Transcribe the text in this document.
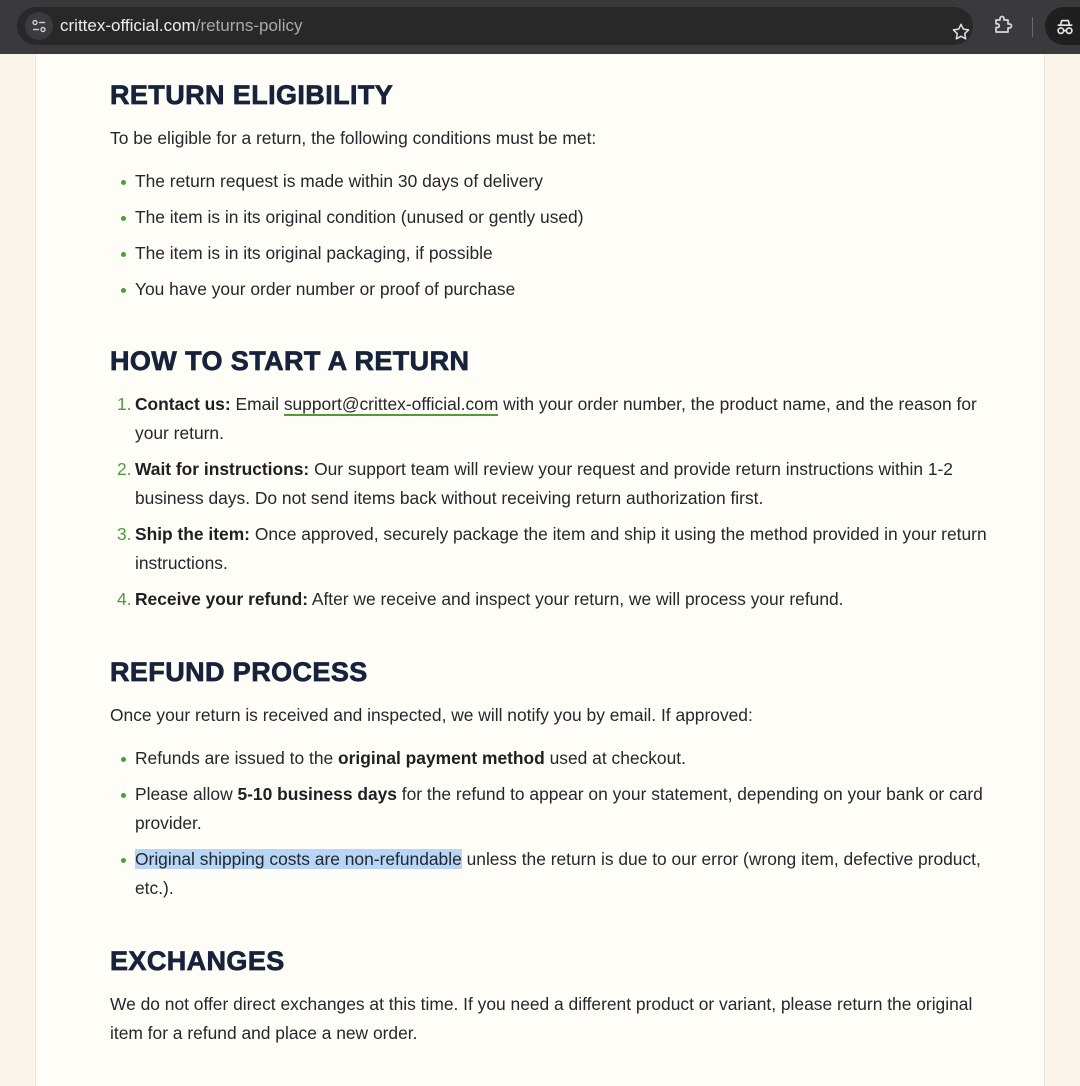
crittex-official.com/returns-policy
RETURN ELIGIBILITY

To be eligible for a return, the following conditions must be met:

The return request is made within 30 days of delivery
The item is in its original condition (unused or gently used)
The item is in its original packaging, if possible
You have your order number or proof of purchase
HOW TO START A RETURN
1. Contact us: Email support@crittex-official.com with your order number, the product name, and the reason for your return.
2. Wait for instructions: Our support team will review your request and provide return instructions within 1-2 business days. Do not send items back without receiving return authorization first.
3. Ship the item: Once approved, securely package the item and ship it using the method provided in your return instructions.
4. Receive your refund: After we receive and inspect your return, we will process your refund.
REFUND PROCESS

Once your return is received and inspected, we will notify you by email. If approved:

Refunds are issued to the original payment method used at checkout.
Please allow 5-10 business days for the refund to appear on your statement, depending on your bank or card provider.
Original shipping costs are non-refundable unless the return is due to our error (wrong item, defective product, etc.).
EXCHANGES

We do not offer direct exchanges at this time. If you need a different product or variant, please return the original item for a refund and place a new order.
